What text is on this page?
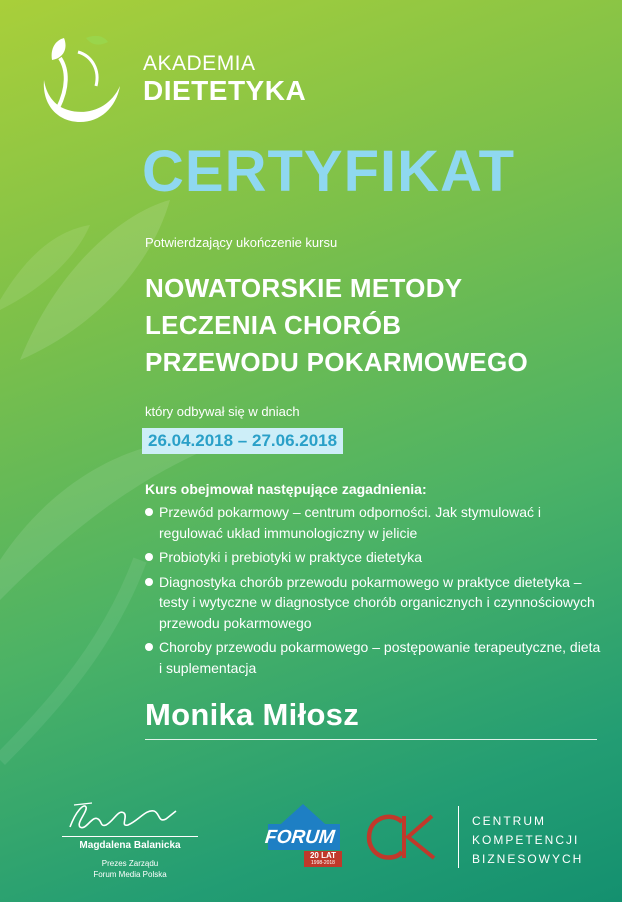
AKADEMIA
DIETETYKA
CERTYFIKAT
Potwierdzający ukończenie kursu
NOWATORSKIE METODY
LECZENIA CHORÓB
PRZEWODU POKARMOWEGO
który odbywał się w dniach
26.04.2018 – 27.06.2018
Kurs obejmował następujące zagadnienia:
Przewód pokarmowy – centrum odporności. Jak stymulować i regulować układ immunologiczny w jelicie
Probiotyki i prebiotyki w praktyce dietetyka
Diagnostyka chorób przewodu pokarmowego w praktyce dietetyka – testy i wytyczne w diagnostyce chorób organicznych i czynnościowych przewodu pokarmowego
Choroby przewodu pokarmowego – postępowanie terapeutyczne, dieta i suplementacja
Monika Miłosz
Magdalena Balanicka
Prezes Zarządu
Forum Media Polska
FORUM
20 LAT
1998-2018
CENTRUM
KOMPETENCJI
BIZNESOWYCH
